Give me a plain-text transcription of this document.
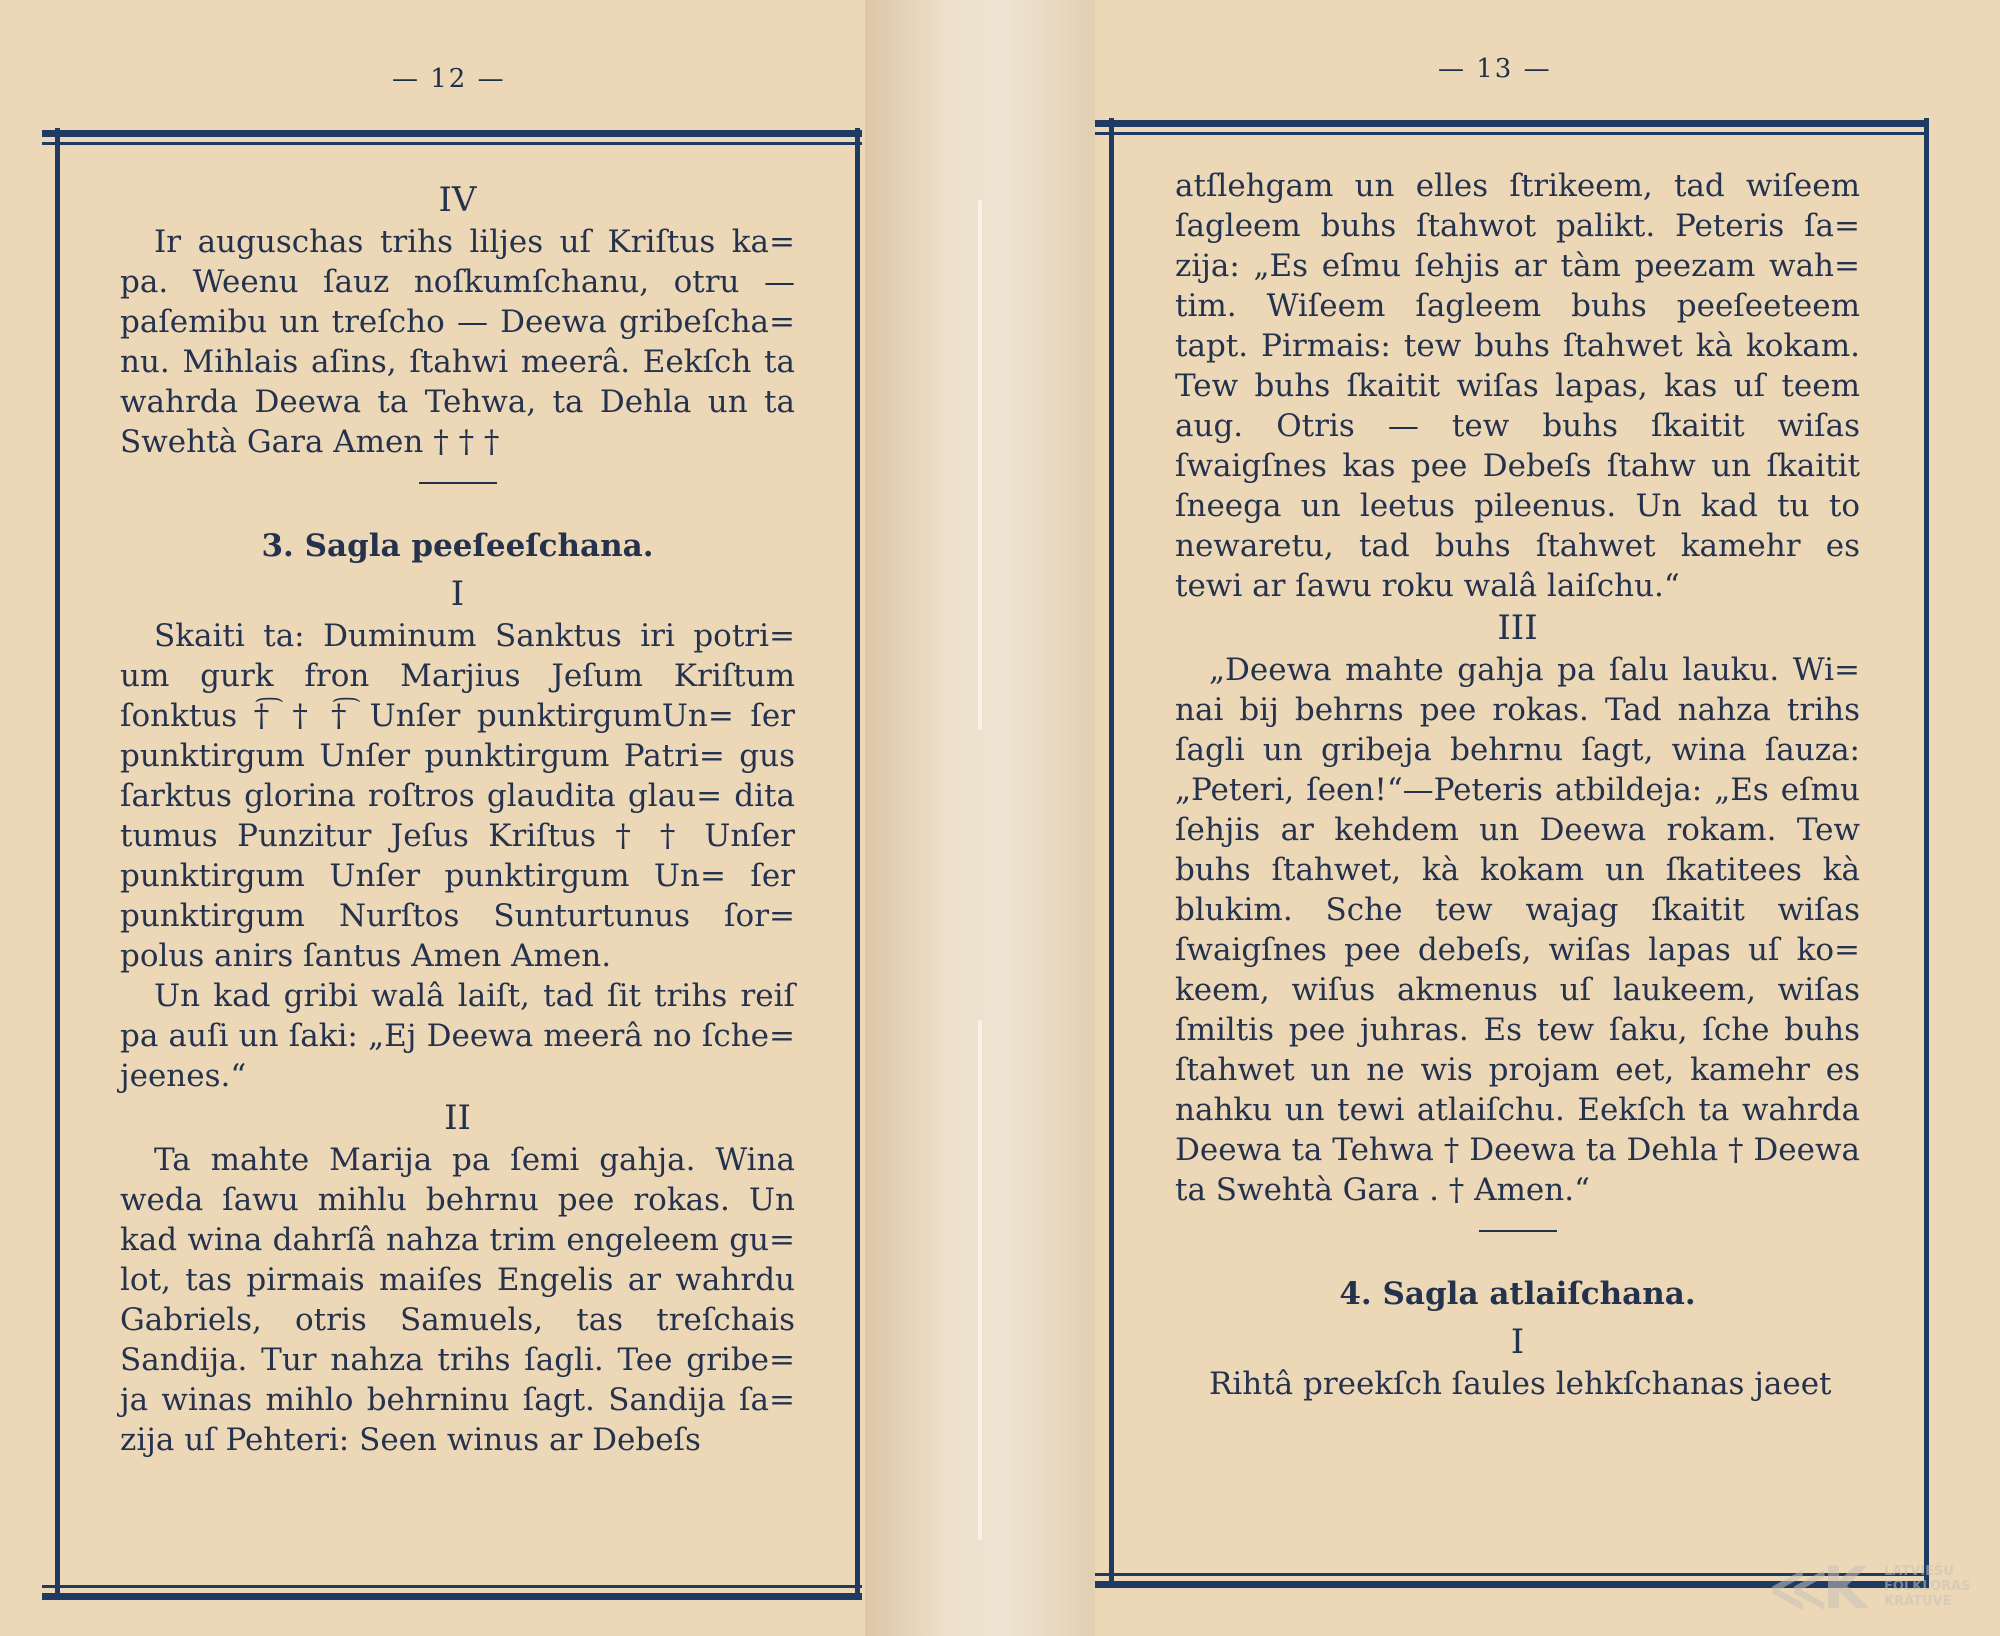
— 12 —

IV

Ir auguschas trihs liljes uſ Kriſtus ka= pa. Weenu ſauz noſkumſchanu, otru — paſemibu un treſcho — Deewa gribeſcha= nu. Mihlais aſins, ſtahwi meerâ. Eekſch ta wahrda Deewa ta Tehwa, ta Dehla un ta Swehtà Gara Amen † † †

3. Sagla peeſeeſchana.

I

Skaiti ta: Duminum Sanktus iri potri= um gurk fron Marjius Jeſum Kriſtum ſonktus †͡ † †͡ Unſer punktirgumUn= ſer punktirgum Unſer punktirgum Patri= gus ſarktus glorina roſtros glaudita glau= dita tumus Punzitur Jeſus Kriſtus † † Unſer punktirgum Unſer punktirgum Un= ſer punktirgum Nurſtos Sunturtunus ſor= polus anirs ſantus Amen Amen.

Un kad gribi walâ laiſt, tad ſit trihs reiſ pa auſi un ſaki: „Ej Deewa meerâ no ſche= jeenes.“

II

Ta mahte Marija pa ſemi gahja. Wina weda ſawu mihlu behrnu pee rokas. Un kad wina dahrſâ nahza trim engeleem gu= lot, tas pirmais maiſes Engelis ar wahrdu Gabriels, otris Samuels, tas treſchais Sandija. Tur nahza trihs ſagli. Tee gribe= ja winas mihlo behrninu ſagt. Sandija ſa= zija uſ Pehteri: Seen winus ar Debeſs

— 13 —

atſlehgam un elles ſtrikeem, tad wiſeem ſagleem buhs ſtahwot palikt. Peteris ſa= zija: „Es eſmu ſehjis ar tàm peezam wah= tim. Wiſeem ſagleem buhs peeſeeteem tapt. Pirmais: tew buhs ſtahwet kà kokam. Tew buhs ſkaitit wiſas lapas, kas uſ teem aug. Otris — tew buhs ſkaitit wiſas ſwaigſnes kas pee Debeſs ſtahw un ſkaitit ſneega un leetus pileenus. Un kad tu to newaretu, tad buhs ſtahwet kamehr es tewi ar ſawu roku walâ laiſchu.“

III

„Deewa mahte gahja pa ſalu lauku. Wi= nai bij behrns pee rokas. Tad nahza trihs ſagli un gribeja behrnu ſagt, wina ſauza: „Peteri, ſeen!“—Peteris atbildeja: „Es eſmu ſehjis ar kehdem un Deewa rokam. Tew buhs ſtahwet, kà kokam un ſkatitees kà blukim. Sche tew wajag ſkaitit wiſas ſwaigſnes pee debeſs, wiſas lapas uſ ko= keem, wiſus akmenus uſ laukeem, wiſas ſmiltis pee juhras. Es tew ſaku, ſche buhs ſtahwet un ne wis projam eet, kamehr es nahku un tewi atlaiſchu. Eekſch ta wahrda Deewa ta Tehwa † Deewa ta Dehla † Deewa ta Swehtà Gara . † Amen.“

4. Sagla atlaiſchana.

I

Rihtâ preekſch ſaules lehkſchanas jaeet

≪K LATVIEŠU
FOLKLORAS
KRĀTUVE
